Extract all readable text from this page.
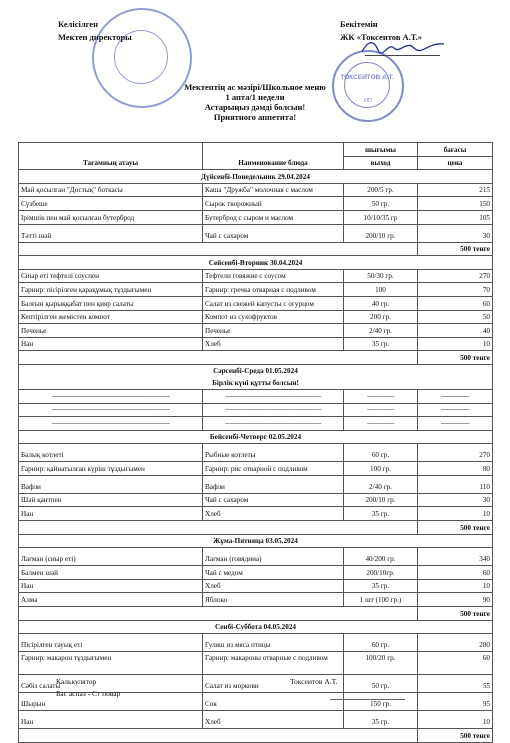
Келісілген
Мектеп директоры
Бекітемін
ЖК «Токсеитов А.Т.»
ТОКСЕИТОВ А.Т.
ИП
Мектептің ас мәзірі/Школьное меню
1 апта/1 недели
Астарыңыз дәмді болсын!
Приятного аппетита!
Тағамның атауы	Наименование блюда	шығымы	бағасы
		выход	цена
Дүйсенбі-Понедельник 29.04.2024			
Май қосылған "Достық" боткасы	Каша "Дружба" молочная с маслом	200/5 гр.	215
Сүзбеше	Сырок творожный	50 гр.	150
Ірімшік пен май қосылған бутерброд	Бутерброд с сыром и маслом	10/10/35 гр	105
Тәтті шәй	Чай с сахаром	200/10 гр.	30
			500 тенге
Сейсенбі-Вторник 30.04.2024			
Сиыр еті тефтелі соуспен	Тефтели говяжие с соусом	50/30 гр.	270
Гарнир: пісірілген қарақұмық тұздығымен	Гарнир: гречка отварная с подливом	100	70
Балғын қырыққабат пен қияр салаты	Салат из свежей капусты с огурцом	40 гр.	60
Кептірілген жемістен компот	Компот из сухофруктов	200 гр.	50
Печенье	Печенье	2/40 гр.	40
Нан	Хлеб	35 гр.	10
			500 тенге

Сәрсенбі-Среда 01.05.2024
Бірлік күні құтты болсын!			

-------------------------------------------------------------------------------	----------------------------------------------------------------	------------------	-------------------
-------------------------------------------------------------------------------	----------------------------------------------------------------	------------------	-------------------
-------------------------------------------------------------------------------	----------------------------------------------------------------	------------------	-------------------
Бейсенбі-Четверг 02.05.2024			
Балық котлеті	Рыбные котлеты	60 гр.	270
Гарнир: қайнатылған күріш тұздығымен	Гарнир: рис отварной с подливом	100 гр.	80
Вафли	Вафли	2/40 гр.	110
Шай қантпен	Чай с сахаром	200/10 гр.	30
Нан	Хлеб	35 гр.	10
			500 тенге
Жұма-Пятница 03.05.2024			
Лагман (сиыр еті)	Лагман (говядина)	40/200 гр.	340
Балмен шәй	Чай с медом	200/10гр.	60
Нан	Хлеб	35 гр.	10
Алма	Яблоко	1 шт (100 гр.)	90
			500 тенге
Сенбі-Суббота 04.05.2024			
Пісірілген тауық еті	Гуляш из мяса птицы	60 гр.	280
Гарнир: макарон тұздығымен	Гарнир: макароны отварные с подливом	100/20 гр.	60
Сәбіз салаты	Салат из моркови	50 гр.	55
Шырын	Сок	150 гр.	95
Нан	Хлеб	35 гр.	10
			500 тенге
Калькулятор
Бас аспаз - Ст повар
Токсеитов А.Т.
